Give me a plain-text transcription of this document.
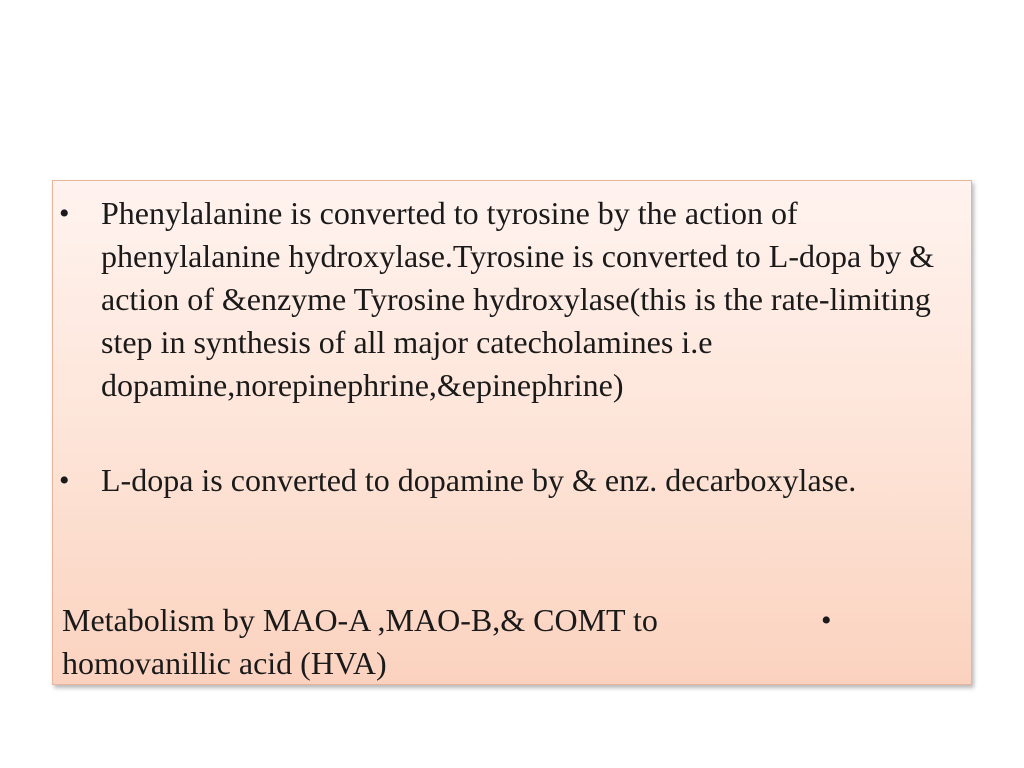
• Phenylalanine is converted to tyrosine by the action of phenylalanine hydroxylase.Tyrosine is converted to L-dopa by & action of &enzyme Tyrosine hydroxylase(this is the rate-limiting step in synthesis of all major catecholamines i.e dopamine,norepinephrine,&epinephrine)
• L-dopa is converted to dopamine by & enz. decarboxylase.
Metabolism by MAO-A ,MAO-B,& COMT to homovanillic acid (HVA)
•
